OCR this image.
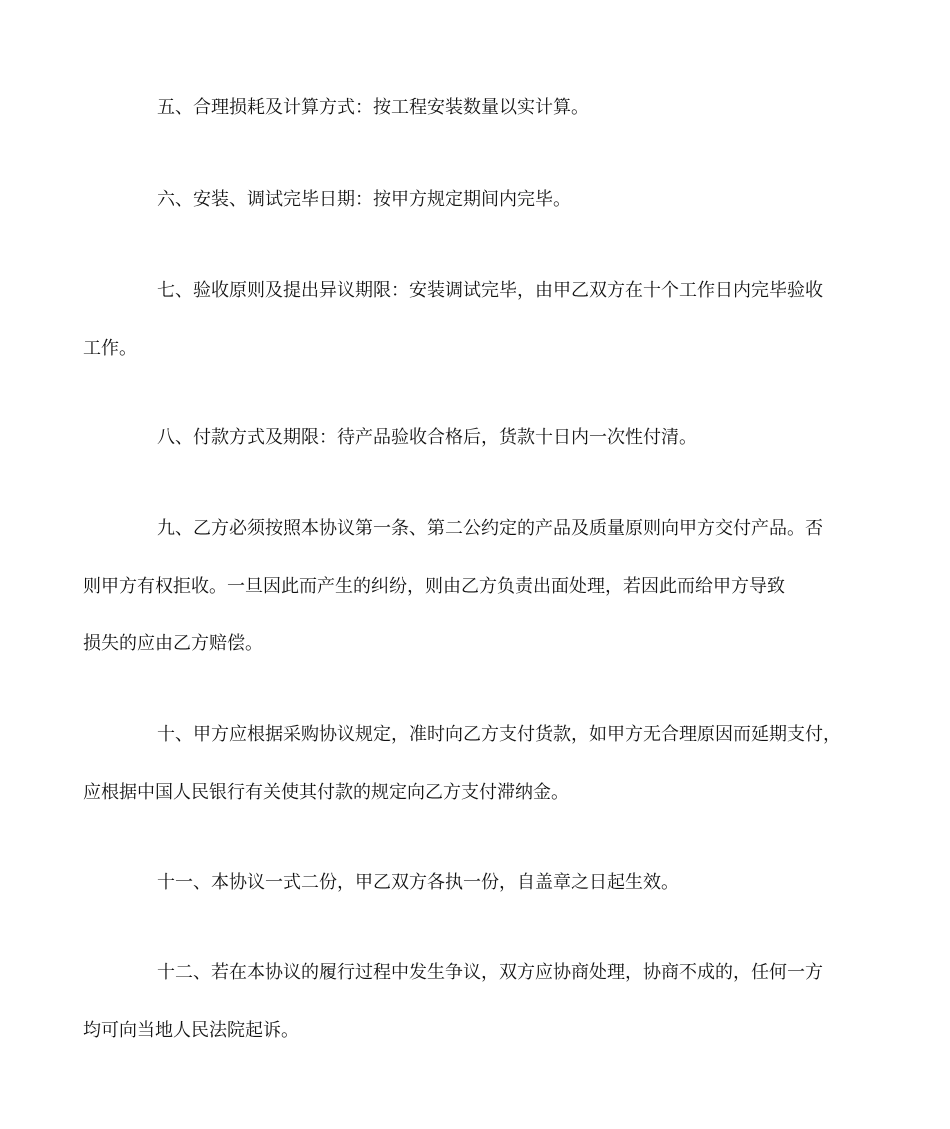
五、合理损耗及计算方式：按工程安装数量以实计算。

六、安装、调试完毕日期：按甲方规定期间内完毕。

七、验收原则及提出异议期限：安装调试完毕，由甲乙双方在十个工作日内完毕验收
工作。

八、付款方式及期限：待产品验收合格后，货款十日内一次性付清。

九、乙方必须按照本协议第一条、第二公约定的产品及质量原则向甲方交付产品。否
则甲方有权拒收。一旦因此而产生的纠纷，则由乙方负责出面处理，若因此而给甲方导致
损失的应由乙方赔偿。

十、甲方应根据采购协议规定，准时向乙方支付货款，如甲方无合理原因而延期支付，
应根据中国人民银行有关使其付款的规定向乙方支付滞纳金。

十一、本协议一式二份，甲乙双方各执一份，自盖章之日起生效。

十二、若在本协议的履行过程中发生争议，双方应协商处理，协商不成的，任何一方
均可向当地人民法院起诉。
